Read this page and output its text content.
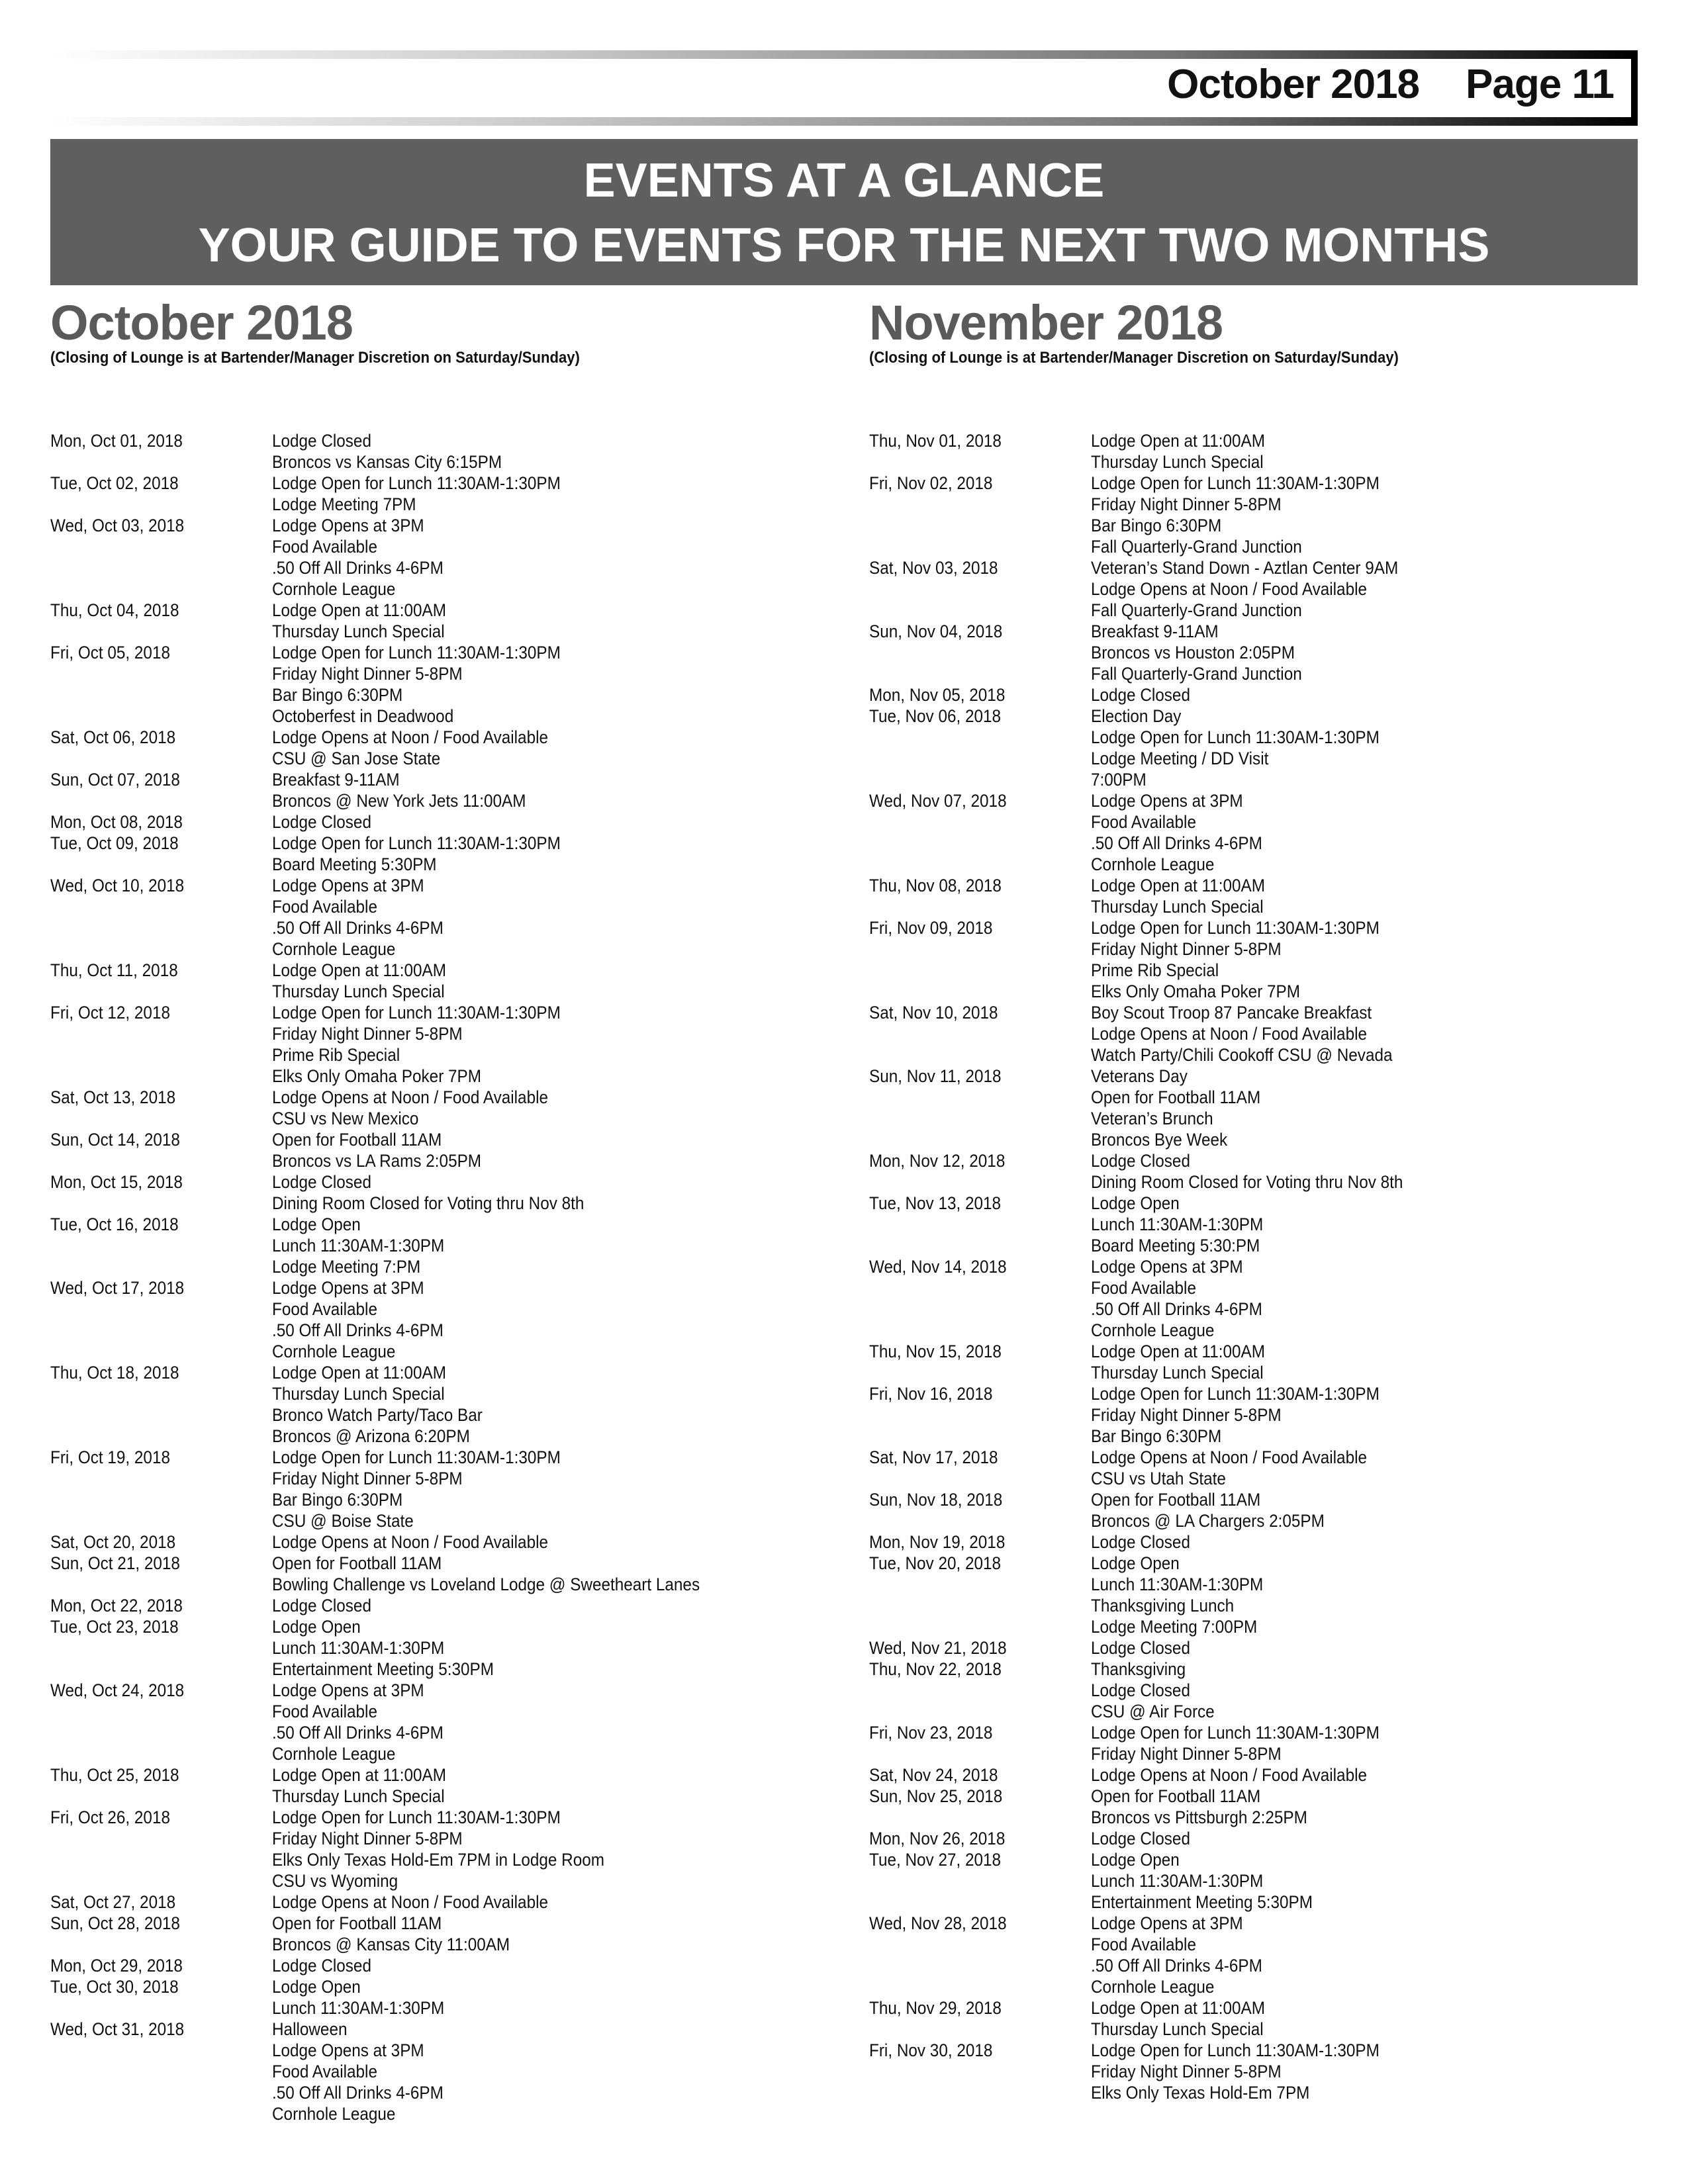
October 2018 Page 11
EVENTS AT A GLANCE
YOUR GUIDE TO EVENTS FOR THE NEXT TWO MONTHS
October 2018
(Closing of Lounge is at Bartender/Manager Discretion on Saturday/Sunday)
Mon, Oct 01, 2018	Lodge Closed
Broncos vs Kansas City 6:15PM
Tue, Oct 02, 2018	Lodge Open for Lunch 11:30AM-1:30PM
Lodge Meeting 7PM
Wed, Oct 03, 2018	Lodge Opens at 3PM
Food Available
.50 Off All Drinks 4-6PM
Cornhole League
Thu, Oct 04, 2018	Lodge Open at 11:00AM
Thursday Lunch Special
Fri, Oct 05, 2018	Lodge Open for Lunch 11:30AM-1:30PM
Friday Night Dinner 5-8PM
Bar Bingo 6:30PM
Octoberfest in Deadwood
Sat, Oct 06, 2018	Lodge Opens at Noon / Food Available
CSU @ San Jose State
Sun, Oct 07, 2018	Breakfast 9-11AM
Broncos @ New York Jets 11:00AM
Mon, Oct 08, 2018	Lodge Closed
Tue, Oct 09, 2018	Lodge Open for Lunch 11:30AM-1:30PM
Board Meeting 5:30PM
Wed, Oct 10, 2018	Lodge Opens at 3PM
Food Available
.50 Off All Drinks 4-6PM
Cornhole League
Thu, Oct 11, 2018	Lodge Open at 11:00AM
Thursday Lunch Special
Fri, Oct 12, 2018	Lodge Open for Lunch 11:30AM-1:30PM
Friday Night Dinner 5-8PM
Prime Rib Special
Elks Only Omaha Poker 7PM
Sat, Oct 13, 2018	Lodge Opens at Noon / Food Available
CSU vs New Mexico
Sun, Oct 14, 2018	Open for Football 11AM
Broncos vs LA Rams 2:05PM
Mon, Oct 15, 2018	Lodge Closed
Dining Room Closed for Voting thru Nov 8th
Tue, Oct 16, 2018	Lodge Open
Lunch 11:30AM-1:30PM
Lodge Meeting 7:PM
Wed, Oct 17, 2018	Lodge Opens at 3PM
Food Available
.50 Off All Drinks 4-6PM
Cornhole League
Thu, Oct 18, 2018	Lodge Open at 11:00AM
Thursday Lunch Special
Bronco Watch Party/Taco Bar
Broncos @ Arizona 6:20PM
Fri, Oct 19, 2018	Lodge Open for Lunch 11:30AM-1:30PM
Friday Night Dinner 5-8PM
Bar Bingo 6:30PM
CSU @ Boise State
Sat, Oct 20, 2018	Lodge Opens at Noon / Food Available
Sun, Oct 21, 2018	Open for Football 11AM
Bowling Challenge vs Loveland Lodge @ Sweetheart Lanes
Mon, Oct 22, 2018	Lodge Closed
Tue, Oct 23, 2018	Lodge Open
Lunch 11:30AM-1:30PM
Entertainment Meeting 5:30PM
Wed, Oct 24, 2018	Lodge Opens at 3PM
Food Available
.50 Off All Drinks 4-6PM
Cornhole League
Thu, Oct 25, 2018	Lodge Open at 11:00AM
Thursday Lunch Special
Fri, Oct 26, 2018	Lodge Open for Lunch 11:30AM-1:30PM
Friday Night Dinner 5-8PM
Elks Only Texas Hold-Em 7PM in Lodge Room
CSU vs Wyoming
Sat, Oct 27, 2018	Lodge Opens at Noon / Food Available
Sun, Oct 28, 2018	Open for Football 11AM
Broncos @ Kansas City 11:00AM
Mon, Oct 29, 2018	Lodge Closed
Tue, Oct 30, 2018	Lodge Open
Lunch 11:30AM-1:30PM
Wed, Oct 31, 2018	Halloween
Lodge Opens at 3PM
Food Available
.50 Off All Drinks 4-6PM
Cornhole League
November 2018
(Closing of Lounge is at Bartender/Manager Discretion on Saturday/Sunday)
Thu, Nov 01, 2018	Lodge Open at 11:00AM
Thursday Lunch Special
Fri, Nov 02, 2018	Lodge Open for Lunch 11:30AM-1:30PM
Friday Night Dinner 5-8PM
Bar Bingo 6:30PM
Fall Quarterly-Grand Junction
Sat, Nov 03, 2018	Veteran’s Stand Down - Aztlan Center 9AM
Lodge Opens at Noon / Food Available
Fall Quarterly-Grand Junction
Sun, Nov 04, 2018	Breakfast 9-11AM
Broncos vs Houston 2:05PM
Fall Quarterly-Grand Junction
Mon, Nov 05, 2018	Lodge Closed
Tue, Nov 06, 2018	Election Day
Lodge Open for Lunch 11:30AM-1:30PM
Lodge Meeting / DD Visit
7:00PM
Wed, Nov 07, 2018	Lodge Opens at 3PM
Food Available
.50 Off All Drinks 4-6PM
Cornhole League
Thu, Nov 08, 2018	Lodge Open at 11:00AM
Thursday Lunch Special
Fri, Nov 09, 2018	Lodge Open for Lunch 11:30AM-1:30PM
Friday Night Dinner 5-8PM
Prime Rib Special
Elks Only Omaha Poker 7PM
Sat, Nov 10, 2018	Boy Scout Troop 87 Pancake Breakfast
Lodge Opens at Noon / Food Available
Watch Party/Chili Cookoff CSU @ Nevada
Sun, Nov 11, 2018	Veterans Day
Open for Football 11AM
Veteran’s Brunch
Broncos Bye Week
Mon, Nov 12, 2018	Lodge Closed
Dining Room Closed for Voting thru Nov 8th
Tue, Nov 13, 2018	Lodge Open
Lunch 11:30AM-1:30PM
Board Meeting 5:30:PM
Wed, Nov 14, 2018	Lodge Opens at 3PM
Food Available
.50 Off All Drinks 4-6PM
Cornhole League
Thu, Nov 15, 2018	Lodge Open at 11:00AM
Thursday Lunch Special
Fri, Nov 16, 2018	Lodge Open for Lunch 11:30AM-1:30PM
Friday Night Dinner 5-8PM
Bar Bingo 6:30PM
Sat, Nov 17, 2018	Lodge Opens at Noon / Food Available
CSU vs Utah State
Sun, Nov 18, 2018	Open for Football 11AM
Broncos @ LA Chargers 2:05PM
Mon, Nov 19, 2018	Lodge Closed
Tue, Nov 20, 2018	Lodge Open
Lunch 11:30AM-1:30PM
Thanksgiving Lunch
Lodge Meeting 7:00PM
Wed, Nov 21, 2018	Lodge Closed
Thu, Nov 22, 2018	Thanksgiving
Lodge Closed
CSU @ Air Force
Fri, Nov 23, 2018	Lodge Open for Lunch 11:30AM-1:30PM
Friday Night Dinner 5-8PM
Sat, Nov 24, 2018	Lodge Opens at Noon / Food Available
Sun, Nov 25, 2018	Open for Football 11AM
Broncos vs Pittsburgh 2:25PM
Mon, Nov 26, 2018	Lodge Closed
Tue, Nov 27, 2018	Lodge Open
Lunch 11:30AM-1:30PM
Entertainment Meeting 5:30PM
Wed, Nov 28, 2018	Lodge Opens at 3PM
Food Available
.50 Off All Drinks 4-6PM
Cornhole League
Thu, Nov 29, 2018	Lodge Open at 11:00AM
Thursday Lunch Special
Fri, Nov 30, 2018	Lodge Open for Lunch 11:30AM-1:30PM
Friday Night Dinner 5-8PM
Elks Only Texas Hold-Em 7PM
